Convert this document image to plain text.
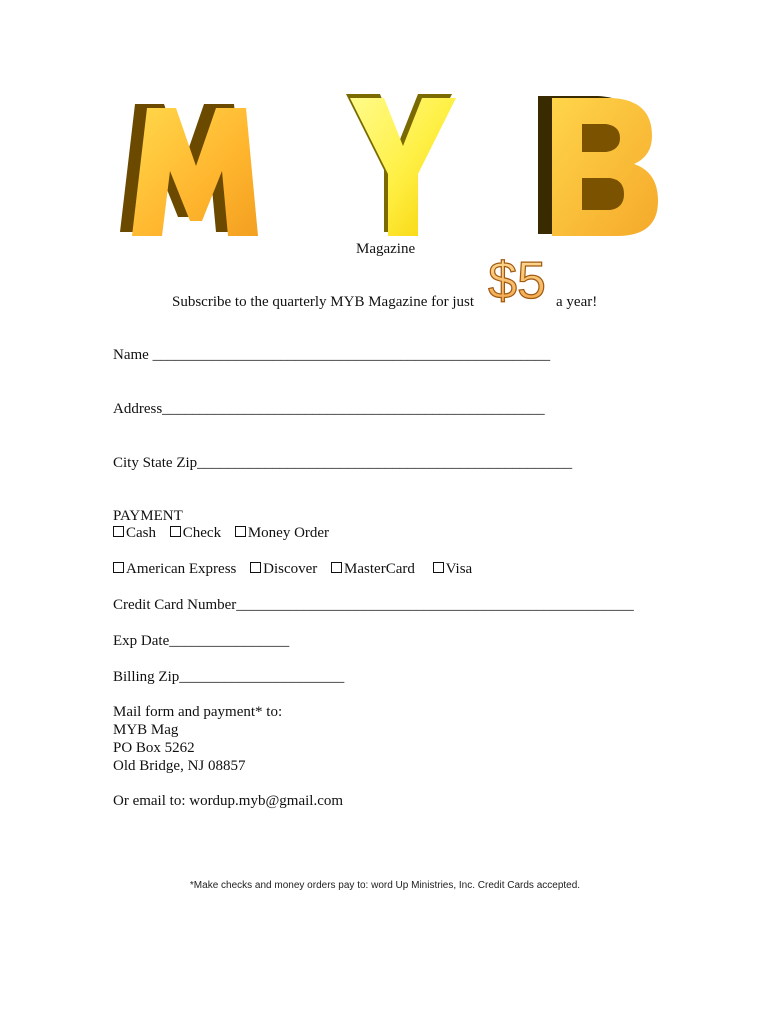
Magazine
Subscribe to the quarterly MYB Magazine for just $5 a year!
Name _____________________________________________________
Address___________________________________________________
City State Zip__________________________________________________
PAYMENT
Cash Check Money Order
American Express Discover MasterCard Visa
Credit Card Number_____________________________________________________
Exp Date________________
Billing Zip______________________
Mail form and payment* to:
MYB Mag
PO Box 5262
Old Bridge, NJ 08857
Or email to: wordup.myb@gmail.com
*Make checks and money orders pay to: word Up Ministries, Inc. Credit Cards accepted.
